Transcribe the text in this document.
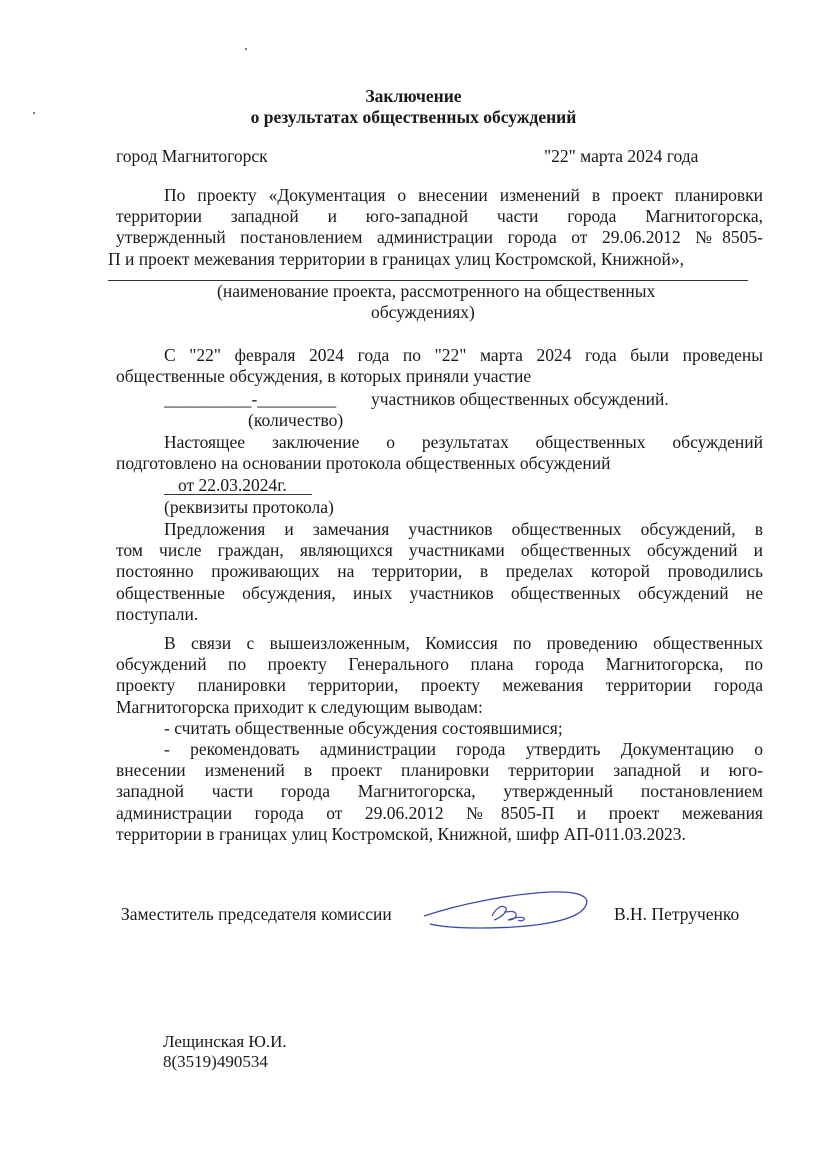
Заключение
о результатах общественных обсуждений
город Магнитогорск	"22" марта 2024 года
По проекту «Документация о внесении изменений в проект планировки
территории западной и юго-западной части города Магнитогорска,
утвержденный постановлением администрации города от 29.06.2012 №8505-
П и проект межевания территории в границах улиц Костромской, Книжной»,
(наименование проекта, рассмотренного на общественных
обсуждениях)
С "22" февраля 2024 года по "22" марта 2024 года были проведены
общественные обсуждения, в которых приняли участие
__________-_________ участников общественных обсуждений.
(количество)
Настоящее заключение о результатах общественных обсуждений
подготовлено на основании протокола общественных обсуждений
от 22.03.2024г.
(реквизиты протокола)
Предложения и замечания участников общественных обсуждений, в
том числе граждан, являющихся участниками общественных обсуждений и
постоянно проживающих на территории, в пределах которой проводились
общественные обсуждения, иных участников общественных обсуждений не
поступали.
В связи с вышеизложенным, Комиссия по проведению общественных
обсуждений по проекту Генерального плана города Магнитогорска, по
проекту планировки территории, проекту межевания территории города
Магнитогорска приходит к следующим выводам:
- считать общественные обсуждения состоявшимися;
- рекомендовать администрации города утвердить Документацию о
внесении изменений в проект планировки территории западной и юго-
западной части города Магнитогорска, утвержденный постановлением
администрации города от 29.06.2012 №8505-П и проект межевания
территории в границах улиц Костромской, Книжной, шифр АП-011.03.2023.
Заместитель председателя комиссии	В.Н. Петрученко
Лещинская Ю.И.
8(3519)490534
